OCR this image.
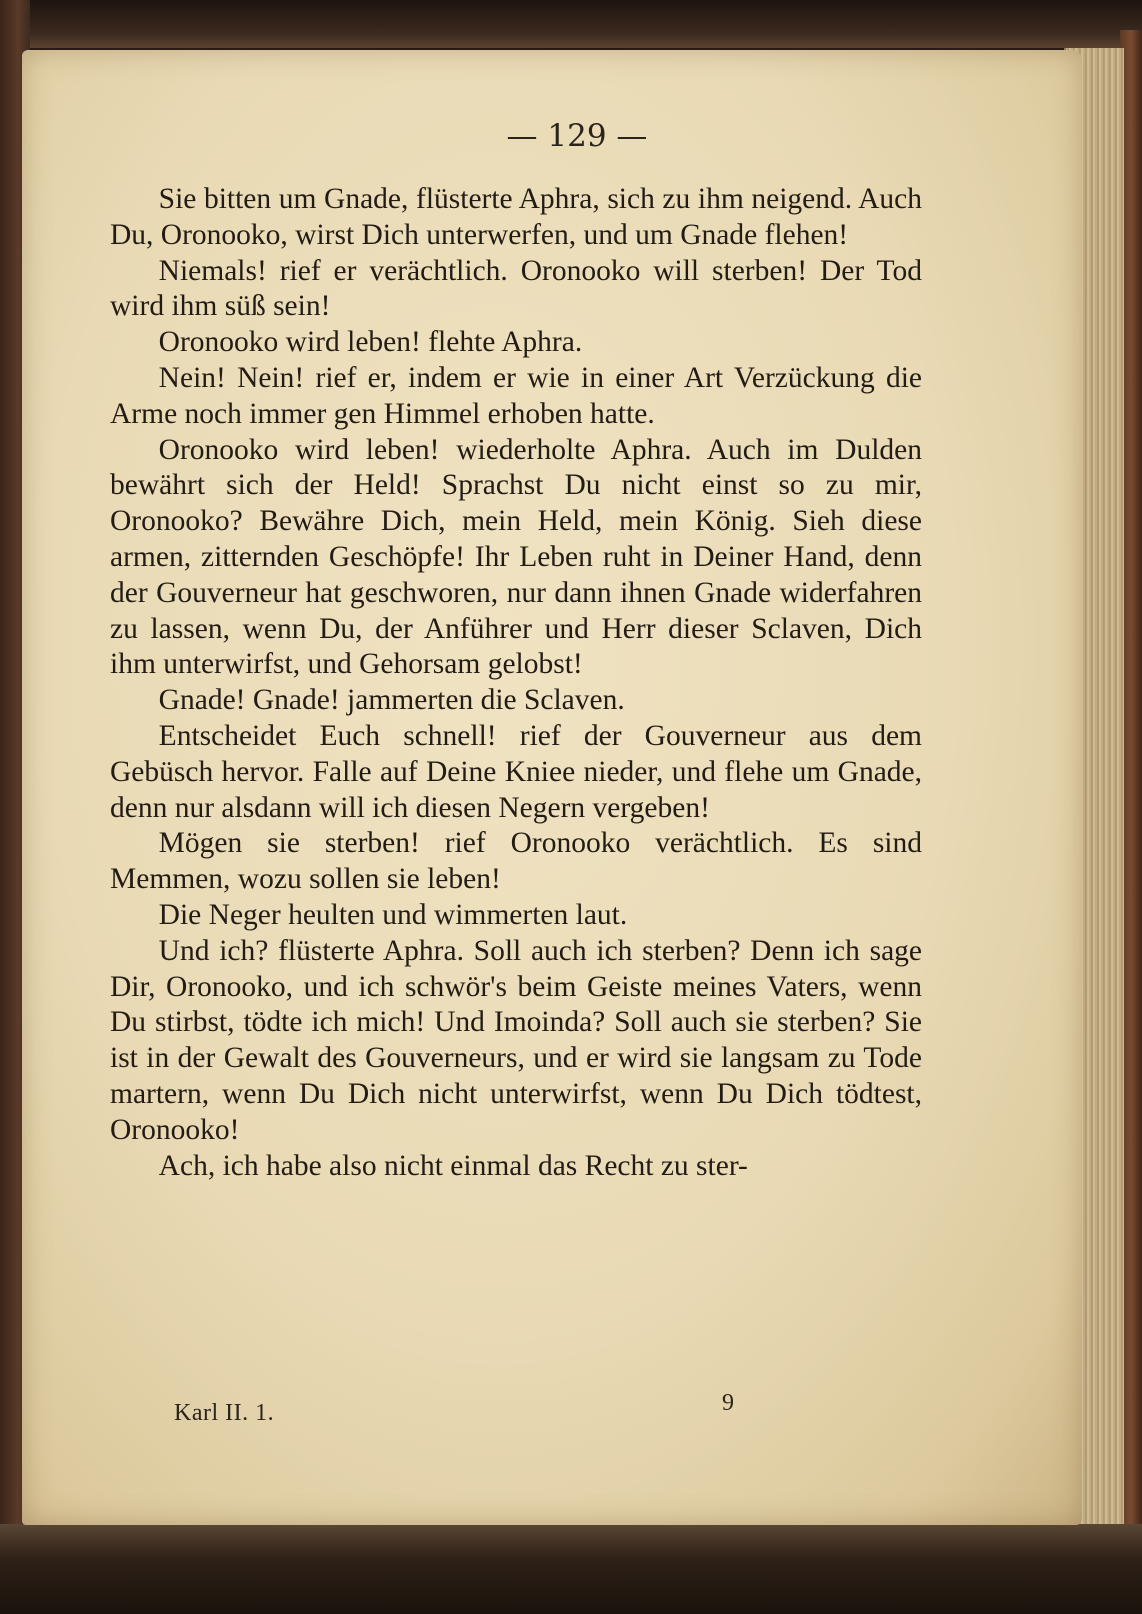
— 129 —

Sie bitten um Gnade, flüsterte Aphra, sich zu ihm neigend. Auch Du, Oronooko, wirst Dich unterwerfen, und um Gnade flehen!

Niemals! rief er verächtlich. Oronooko will sterben! Der Tod wird ihm süß sein!

Oronooko wird leben! flehte Aphra.

Nein! Nein! rief er, indem er wie in einer Art Verzückung die Arme noch immer gen Himmel erhoben hatte.

Oronooko wird leben! wiederholte Aphra. Auch im Dulden bewährt sich der Held! Sprachst Du nicht einst so zu mir, Oronooko? Bewähre Dich, mein Held, mein König. Sieh diese armen, zitternden Geschöpfe! Ihr Leben ruht in Deiner Hand, denn der Gouverneur hat geschworen, nur dann ihnen Gnade widerfahren zu lassen, wenn Du, der Anführer und Herr dieser Sclaven, Dich ihm unterwirfst, und Gehorsam gelobst!

Gnade! Gnade! jammerten die Sclaven.

Entscheidet Euch schnell! rief der Gouverneur aus dem Gebüsch hervor. Falle auf Deine Kniee nieder, und flehe um Gnade, denn nur alsdann will ich diesen Negern vergeben!

Mögen sie sterben! rief Oronooko verächtlich. Es sind Memmen, wozu sollen sie leben!

Die Neger heulten und wimmerten laut.

Und ich? flüsterte Aphra. Soll auch ich sterben? Denn ich sage Dir, Oronooko, und ich schwör's beim Geiste meines Vaters, wenn Du stirbst, tödte ich mich! Und Imoinda? Soll auch sie sterben? Sie ist in der Gewalt des Gouverneurs, und er wird sie langsam zu Tode martern, wenn Du Dich nicht unterwirfst, wenn Du Dich tödtest, Oronooko!

Ach, ich habe also nicht einmal das Recht zu ster-

Karl II. 1.	9
